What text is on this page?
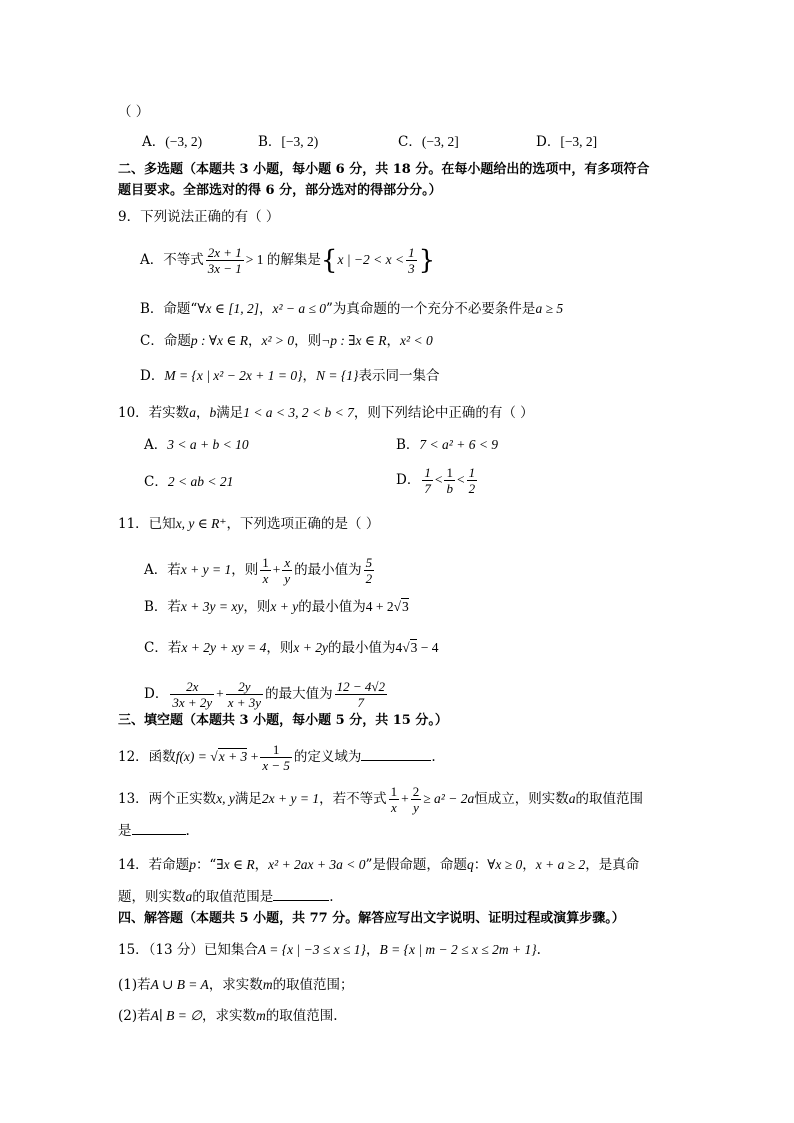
（ ）
A．(−3, 2)	B．[−3, 2)	C．(−3, 2]	D．[−3, 2]
二、多选题（本题共 3 小题，每小题 6 分，共 18 分。在每小题给出的选项中，有多项符合
题目要求。全部选对的得 6 分，部分选对的得部分分。）
9．下列说法正确的有（ ）
A．不等式 $\frac{2x + 1}{3x - 1} > 1$ 的解集是{x | $-2 < x < \frac{1}{3}$ }
B．命题“∀x ∈ [1, 2]，x² − a ≤ 0”为真命题的一个充分不必要条件是a ≥ 5
C．命题p : ∀x ∈ R，x² > 0，则¬p : ∃x ∈ R，x² < 0
D．M = {x | x² − 2x + 1 = 0}，N = {1}表示同一集合
10．若实数a，b满足1 < a < 3, 2 < b < 7，则下列结论中正确的有（ ）
A．3 < a + b < 10	B．7 < a² + 6 < 9
C．2 < ab < 21	D． $\frac{1}{7} < \frac{1}{b} < \frac{1}{2}$
11．已知x, y ∈ R⁺，下列选项正确的是（ ）
A．若x + y = 1，则 $\frac{1}{x} + \frac{x}{y}$ 的最小值为 $\frac{5}{2}$
B．若x + 3y = xy，则x + y的最小值为4 + 2√3
C．若x + 2y + xy = 4，则x + 2y的最小值为4√3 − 4
D． $\frac{2x}{3x + 2y} + \frac{2y}{x + 3y}$ 的最大值为 $\frac{12 - 4√2}{7}$
三、填空题（本题共 3 小题，每小题 5 分，共 15 分。）
12．函数$f(x) = √x + 3 + \frac{1}{x - 5}$ 的定义域为	.
13．两个正实数x, y满足2x + y = 1，若不等式 $\frac{1}{x} + \frac{2}{y} \ge a^2 - 2a$恒成立，则实数a的取值范围
是	.
14．若命题p：“∃x ∈ R，x² + 2ax + 3a < 0”是假命题，命题q：∀x ≥ 0，x + a ≥ 2，是真命
题，则实数a的取值范围是	.
四、解答题（本题共 5 小题，共 77 分。解答应写出文字说明、证明过程或演算步骤。）
15．（13 分）已知集合A = {x | −3 ≤ x ≤ 1}，B = {x | m − 2 ≤ x ≤ 2m + 1}.
(1)若A ∪ B = A，求实数m的取值范围；
(2)若A∣ B = ∅，求实数m的取值范围.
